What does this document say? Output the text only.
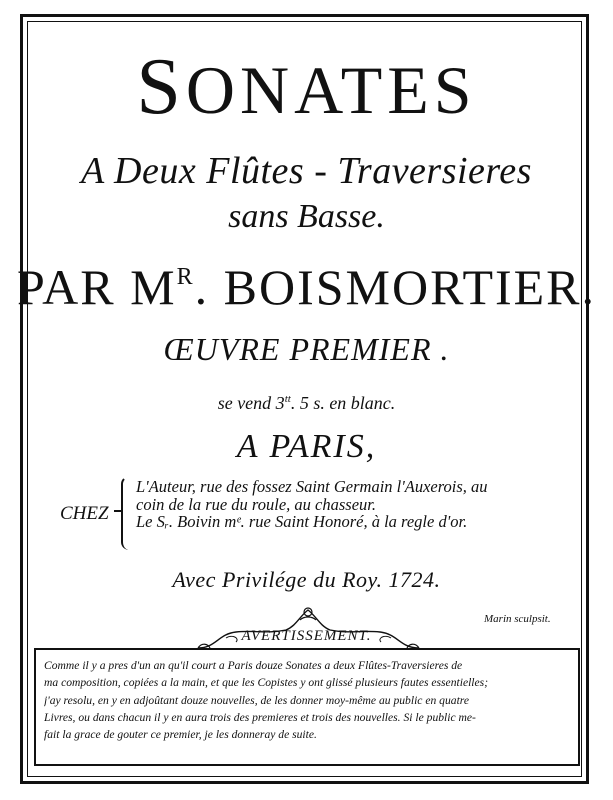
SONATES
A Deux Flûtes - Traversieres
sans Basse.
PAR $M^R$. BOISMORTIER.
ŒUVRE PREMIER .
se vend $3^{tt}$. 5 s. en blanc.
A PARIS,
CHEZ
L'Auteur, rue des fossez Saint Germain l'Auxerois, au
coin de la rue du roule, au chasseur.
Le Sᵣ. Boivin mᵉ. rue Saint Honoré, à la regle d'or.
Avec Privilége du Roy. 1724.
Marin sculpsit.
AVERTISSEMENT.
Comme il y a pres d'un an qu'il court a Paris douze Sonates a deux Flûtes-Traversieres de
ma composition, copiées a la main, et que les Copistes y ont glissé plusieurs fautes essentielles;
j'ay resolu, en y en adjoûtant douze nouvelles, de les donner moy-même au public en quatre
Livres, ou dans chacun il y en aura trois des premieres et trois des nouvelles. Si le public me-
fait la grace de gouter ce premier, je les donneray de suite.
